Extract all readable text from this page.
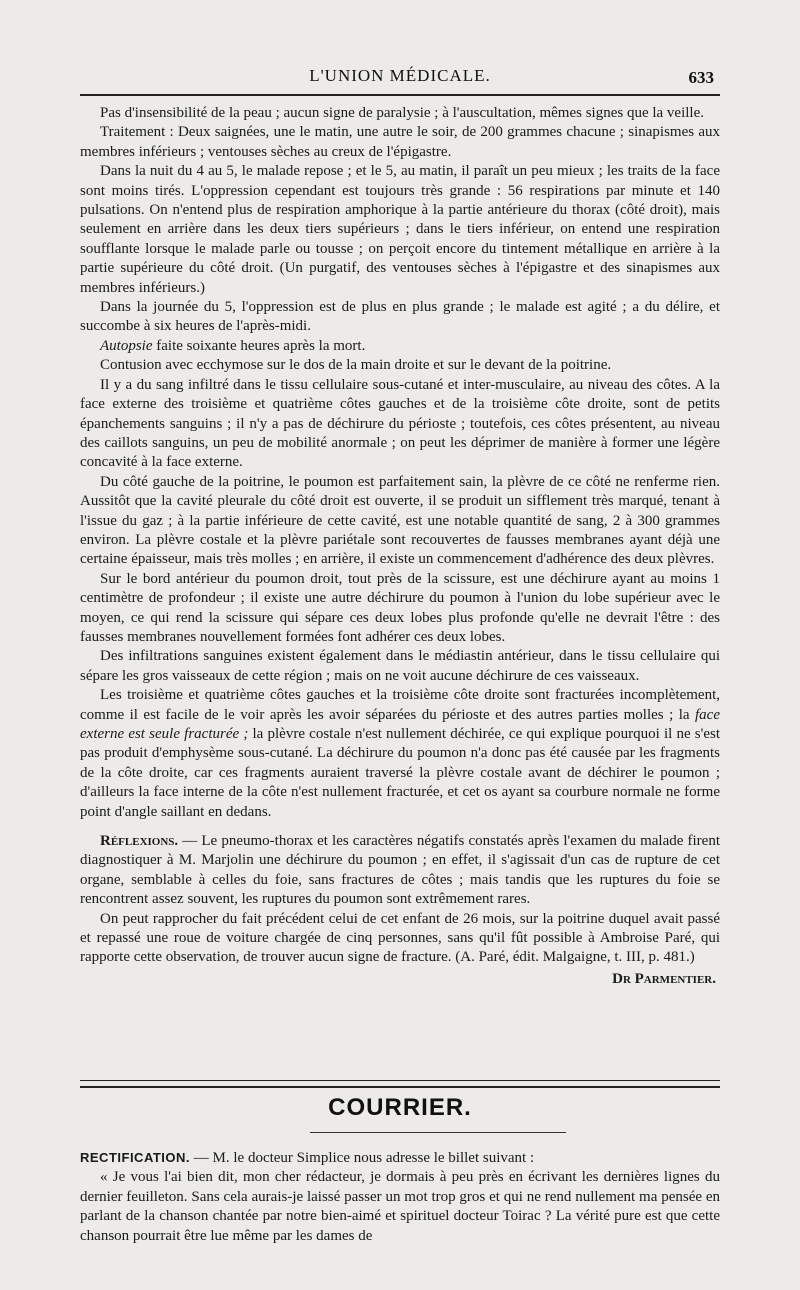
L'UNION MÉDICALE.	633

Pas d'insensibilité de la peau ; aucun signe de paralysie ; à l'auscultation, mêmes signes que la veille.

Traitement : Deux saignées, une le matin, une autre le soir, de 200 grammes chacune ; sinapismes aux membres inférieurs ; ventouses sèches au creux de l'épigastre.

Dans la nuit du 4 au 5, le malade repose ; et le 5, au matin, il paraît un peu mieux ; les traits de la face sont moins tirés. L'oppression cependant est toujours très grande : 56 respirations par minute et 140 pulsations. On n'entend plus de respiration amphorique à la partie antérieure du thorax (côté droit), mais seulement en arrière dans les deux tiers supérieurs ; dans le tiers inférieur, on entend une respiration soufflante lorsque le malade parle ou tousse ; on perçoit encore du tintement métallique en arrière à la partie supérieure du côté droit. (Un purgatif, des ventouses sèches à l'épigastre et des sinapismes aux membres inférieurs.)

Dans la journée du 5, l'oppression est de plus en plus grande ; le malade est agité ; a du délire, et succombe à six heures de l'après-midi.

Autopsie faite soixante heures après la mort.

Contusion avec ecchymose sur le dos de la main droite et sur le devant de la poitrine.

Il y a du sang infiltré dans le tissu cellulaire sous-cutané et inter-musculaire, au niveau des côtes. A la face externe des troisième et quatrième côtes gauches et de la troisième côte droite, sont de petits épanchements sanguins ; il n'y a pas de déchirure du périoste ; toutefois, ces côtes présentent, au niveau des caillots sanguins, un peu de mobilité anormale ; on peut les déprimer de manière à former une légère concavité à la face externe.

Du côté gauche de la poitrine, le poumon est parfaitement sain, la plèvre de ce côté ne renferme rien. Aussitôt que la cavité pleurale du côté droit est ouverte, il se produit un sifflement très marqué, tenant à l'issue du gaz ; à la partie inférieure de cette cavité, est une notable quantité de sang, 2 à 300 grammes environ. La plèvre costale et la plèvre pariétale sont recouvertes de fausses membranes ayant déjà une certaine épaisseur, mais très molles ; en arrière, il existe un commencement d'adhérence des deux plèvres.

Sur le bord antérieur du poumon droit, tout près de la scissure, est une déchirure ayant au moins 1 centimètre de profondeur ; il existe une autre déchirure du poumon à l'union du lobe supérieur avec le moyen, ce qui rend la scissure qui sépare ces deux lobes plus profonde qu'elle ne devrait l'être : des fausses membranes nouvellement formées font adhérer ces deux lobes.

Des infiltrations sanguines existent également dans le médiastin antérieur, dans le tissu cellulaire qui sépare les gros vaisseaux de cette région ; mais on ne voit aucune déchirure de ces vaisseaux.

Les troisième et quatrième côtes gauches et la troisième côte droite sont fracturées incomplètement, comme il est facile de le voir après les avoir séparées du périoste et des autres parties molles ; la face externe est seule fracturée ; la plèvre costale n'est nullement déchirée, ce qui explique pourquoi il ne s'est pas produit d'emphysème sous-cutané. La déchirure du poumon n'a donc pas été causée par les fragments de la côte droite, car ces fragments auraient traversé la plèvre costale avant de déchirer le poumon ; d'ailleurs la face interne de la côte n'est nullement fracturée, et cet os ayant sa courbure normale ne forme point d'angle saillant en dedans.

Réflexions. — Le pneumo-thorax et les caractères négatifs constatés après l'examen du malade firent diagnostiquer à M. Marjolin une déchirure du poumon ; en effet, il s'agissait d'un cas de rupture de cet organe, semblable à celles du foie, sans fractures de côtes ; mais tandis que les ruptures du foie se rencontrent assez souvent, les ruptures du poumon sont extrêmement rares.

On peut rapprocher du fait précédent celui de cet enfant de 26 mois, sur la poitrine duquel avait passé et repassé une roue de voiture chargée de cinq personnes, sans qu'il fût possible à Ambroise Paré, qui rapporte cette observation, de trouver aucun signe de fracture. (A. Paré, édit. Malgaigne, t. III, p. 481.)

Dr Parmentier.

COURRIER.

RECTIFICATION. — M. le docteur Simplice nous adresse le billet suivant :

« Je vous l'ai bien dit, mon cher rédacteur, je dormais à peu près en écrivant les dernières lignes du dernier feuilleton. Sans cela aurais-je laissé passer un mot trop gros et qui ne rend nullement ma pensée en parlant de la chanson chantée par notre bien-aimé et spirituel docteur Toirac ? La vérité pure est que cette chanson pourrait être lue même par les dames de
